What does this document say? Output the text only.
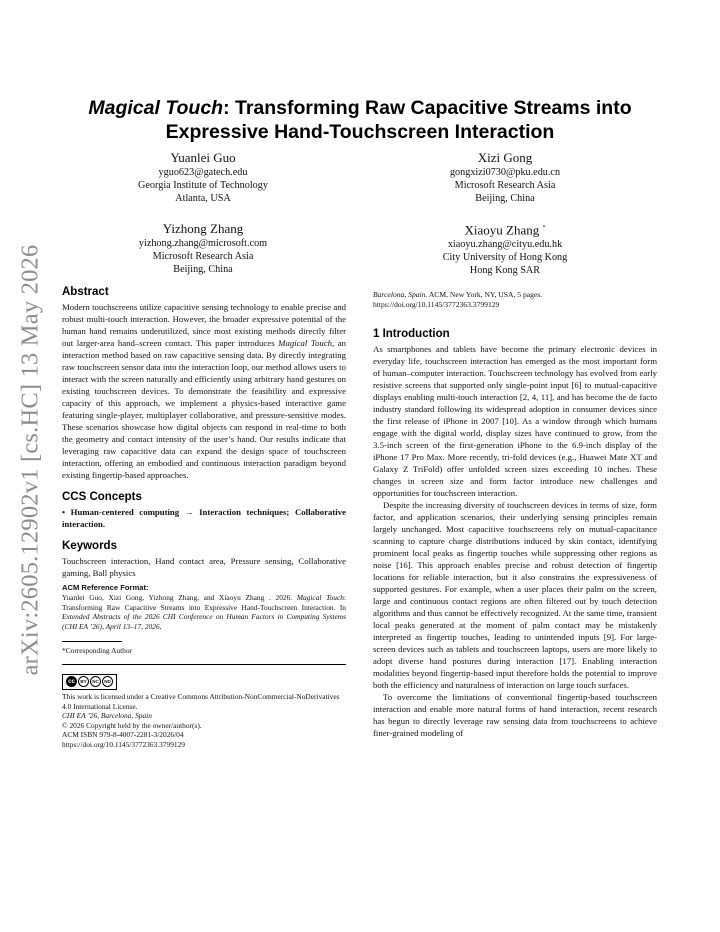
arXiv:2605.12902v1 [cs.HC] 13 May 2026
Magical Touch: Transforming Raw Capacitive Streams into Expressive Hand-Touchscreen Interaction
Yuanlei Guo
yguo623@gatech.edu
Georgia Institute of Technology
Atlanta, USA
Xizi Gong
gongxizi0730@pku.edu.cn
Microsoft Research Asia
Beijing, China
Yizhong Zhang
yizhong.zhang@microsoft.com
Microsoft Research Asia
Beijing, China
Xiaoyu Zhang *
xiaoyu.zhang@cityu.edu.hk
City University of Hong Kong
Hong Kong SAR
Abstract

Modern touchscreens utilize capacitive sensing technology to enable precise and robust multi-touch interaction. However, the broader expressive potential of the human hand remains underutilized, since most existing methods directly filter out larger-area hand–screen contact. This paper introduces Magical Touch, an interaction method based on raw capacitive sensing data. By directly integrating raw touchscreen sensor data into the interaction loop, our method allows users to interact with the screen naturally and efficiently using arbitrary hand gestures on existing touchscreen devices. To demonstrate the feasibility and expressive capacity of this approach, we implement a physics-based interactive game featuring single-player, multiplayer collaborative, and pressure-sensitive modes. These scenarios showcase how digital objects can respond in real-time to both the geometry and contact intensity of the user’s hand. Our results indicate that leveraging raw capacitive data can expand the design space of touchscreen interaction, offering an embodied and continuous interaction paradigm beyond existing fingertip-based approaches.

CCS Concepts

• Human-centered computing → Interaction techniques; Collaborative interaction.

Keywords

Touchscreen interaction, Hand contact area, Pressure sensing, Collaborative gaming, Ball physics

ACM Reference Format:

Yuanlei Guo, Xizi Gong, Yizhong Zhang, and Xiaoyu Zhang . 2026. Magical Touch: Transforming Raw Capacitive Streams into Expressive Hand-Touchscreen Interaction. In Extended Abstracts of the 2026 CHI Conference on Human Factors in Computing Systems (CHI EA ’26), April 13–17, 2026,

*Corresponding Author
cc	BY	NC	ND
This work is licensed under a Creative Commons Attribution-NonCommercial-NoDerivatives 4.0 International License.
CHI EA ’26, Barcelona, Spain
© 2026 Copyright held by the owner/author(s).
ACM ISBN 979-8-4007-2281-3/2026/04
https://doi.org/10.1145/3772363.3799129
Barcelona, Spain. ACM, New York, NY, USA, 5 pages. https://doi.org/10.1145/3772363.3799129
1 Introduction

As smartphones and tablets have become the primary electronic devices in everyday life, touchscreen interaction has emerged as the most important form of human–computer interaction. Touchscreen technology has evolved from early resistive screens that supported only single-point input [6] to mutual-capacitive displays enabling multi-touch interaction [2, 4, 11], and has become the de facto industry standard following its widespread adoption in consumer devices since the first release of iPhone in 2007 [10]. As a window through which humans engage with the digital world, display sizes have continued to grow, from the 3.5-inch screen of the first-generation iPhone to the 6.9-inch display of the iPhone 17 Pro Max. More recently, tri-fold devices (e.g., Huawei Mate XT and Galaxy Z TriFold) offer unfolded screen sizes exceeding 10 inches. These changes in screen size and form factor introduce new challenges and opportunities for touchscreen interaction.

Despite the increasing diversity of touchscreen devices in terms of size, form factor, and application scenarios, their underlying sensing principles remain largely unchanged. Most capacitive touchscreens rely on mutual-capacitance scanning to capture charge distributions induced by skin contact, identifying prominent local peaks as fingertip touches while suppressing other regions as noise [16]. This approach enables precise and robust detection of fingertip locations for reliable interaction, but it also constrains the expressiveness of supported gestures. For example, when a user places their palm on the screen, large and continuous contact regions are often filtered out by touch detection algorithms and thus cannot be effectively recognized. At the same time, transient local peaks generated at the moment of palm contact may be mistakenly interpreted as fingertip touches, leading to unintended inputs [9]. For large-screen devices such as tablets and touchscreen laptops, users are more likely to adopt diverse hand postures during interaction [17]. Enabling interaction modalities beyond fingertip-based input therefore holds the potential to improve both the efficiency and naturalness of interaction on large touch surfaces.

To overcome the limitations of conventional fingertip-based touchscreen interaction and enable more natural forms of hand interaction, recent research has begun to directly leverage raw sensing data from touchscreens to achieve finer-grained modeling of
